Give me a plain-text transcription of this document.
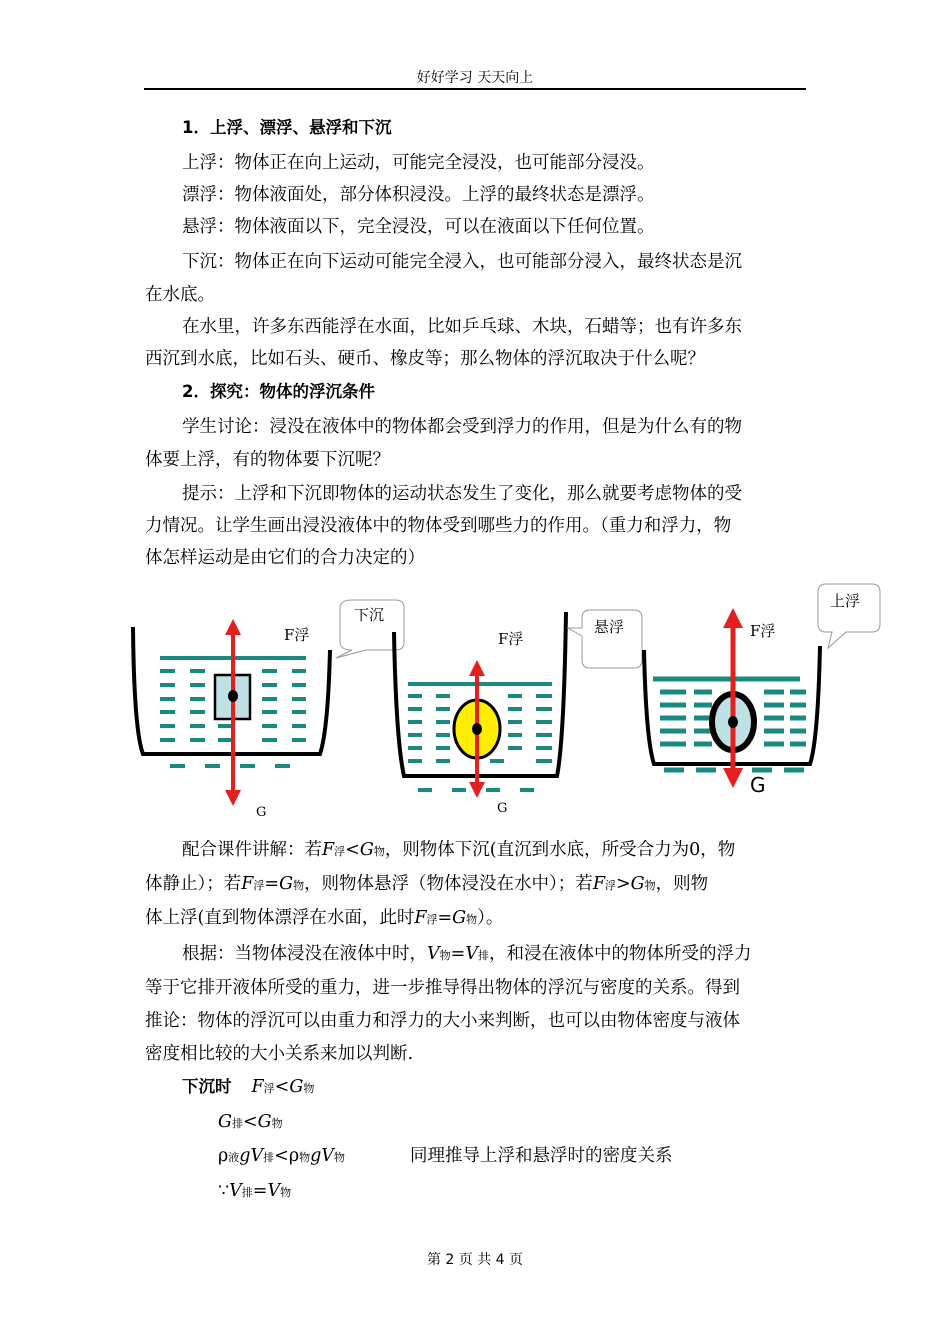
好好学习 天天向上
1．上浮、漂浮、悬浮和下沉
上浮：物体正在向上运动，可能完全浸没，也可能部分浸没。
漂浮：物体液面处，部分体积浸没。上浮的最终状态是漂浮。
悬浮：物体液面以下，完全浸没，可以在液面以下任何位置。
下沉：物体正在向下运动可能完全浸入，也可能部分浸入，最终状态是沉
在水底。
在水里，许多东西能浮在水面，比如乒乓球、木块，石蜡等；也有许多东
西沉到水底，比如石头、硬币、橡皮等；那么物体的浮沉取决于什么呢？
2．探究：物体的浮沉条件
学生讨论：浸没在液体中的物体都会受到浮力的作用，但是为什么有的物
体要上浮，有的物体要下沉呢？
提示：上浮和下沉即物体的运动状态发生了变化，那么就要考虑物体的受
力情况。让学生画出浸没液体中的物体受到哪些力的作用。（重力和浮力，物
体怎样运动是由它们的合力决定的）
F浮
G
下沉
F浮
G
悬浮	F浮
G
上浮
配合课件讲解：若F浮<G物，则物体下沉(直沉到水底，所受合力为0，物
体静止）；若F浮=G物，则物体悬浮（物体浸没在水中）；若F浮>G物，则物
体上浮(直到物体漂浮在水面，此时F浮=G物）。
根据：当物体浸没在液体中时，V物=V排，和浸在液体中的物体所受的浮力
等于它排开液体所受的重力，进一步推导得出物体的浮沉与密度的关系。得到
推论：物体的浮沉可以由重力和浮力的大小来判断，也可以由物体密度与液体
密度相比较的大小关系来加以判断.
下沉时 F浮<G物
G排<G物
ρ液gV排<ρ物gV物	同理推导上浮和悬浮时的密度关系
∵V排=V物
第 2 页 共 4 页
